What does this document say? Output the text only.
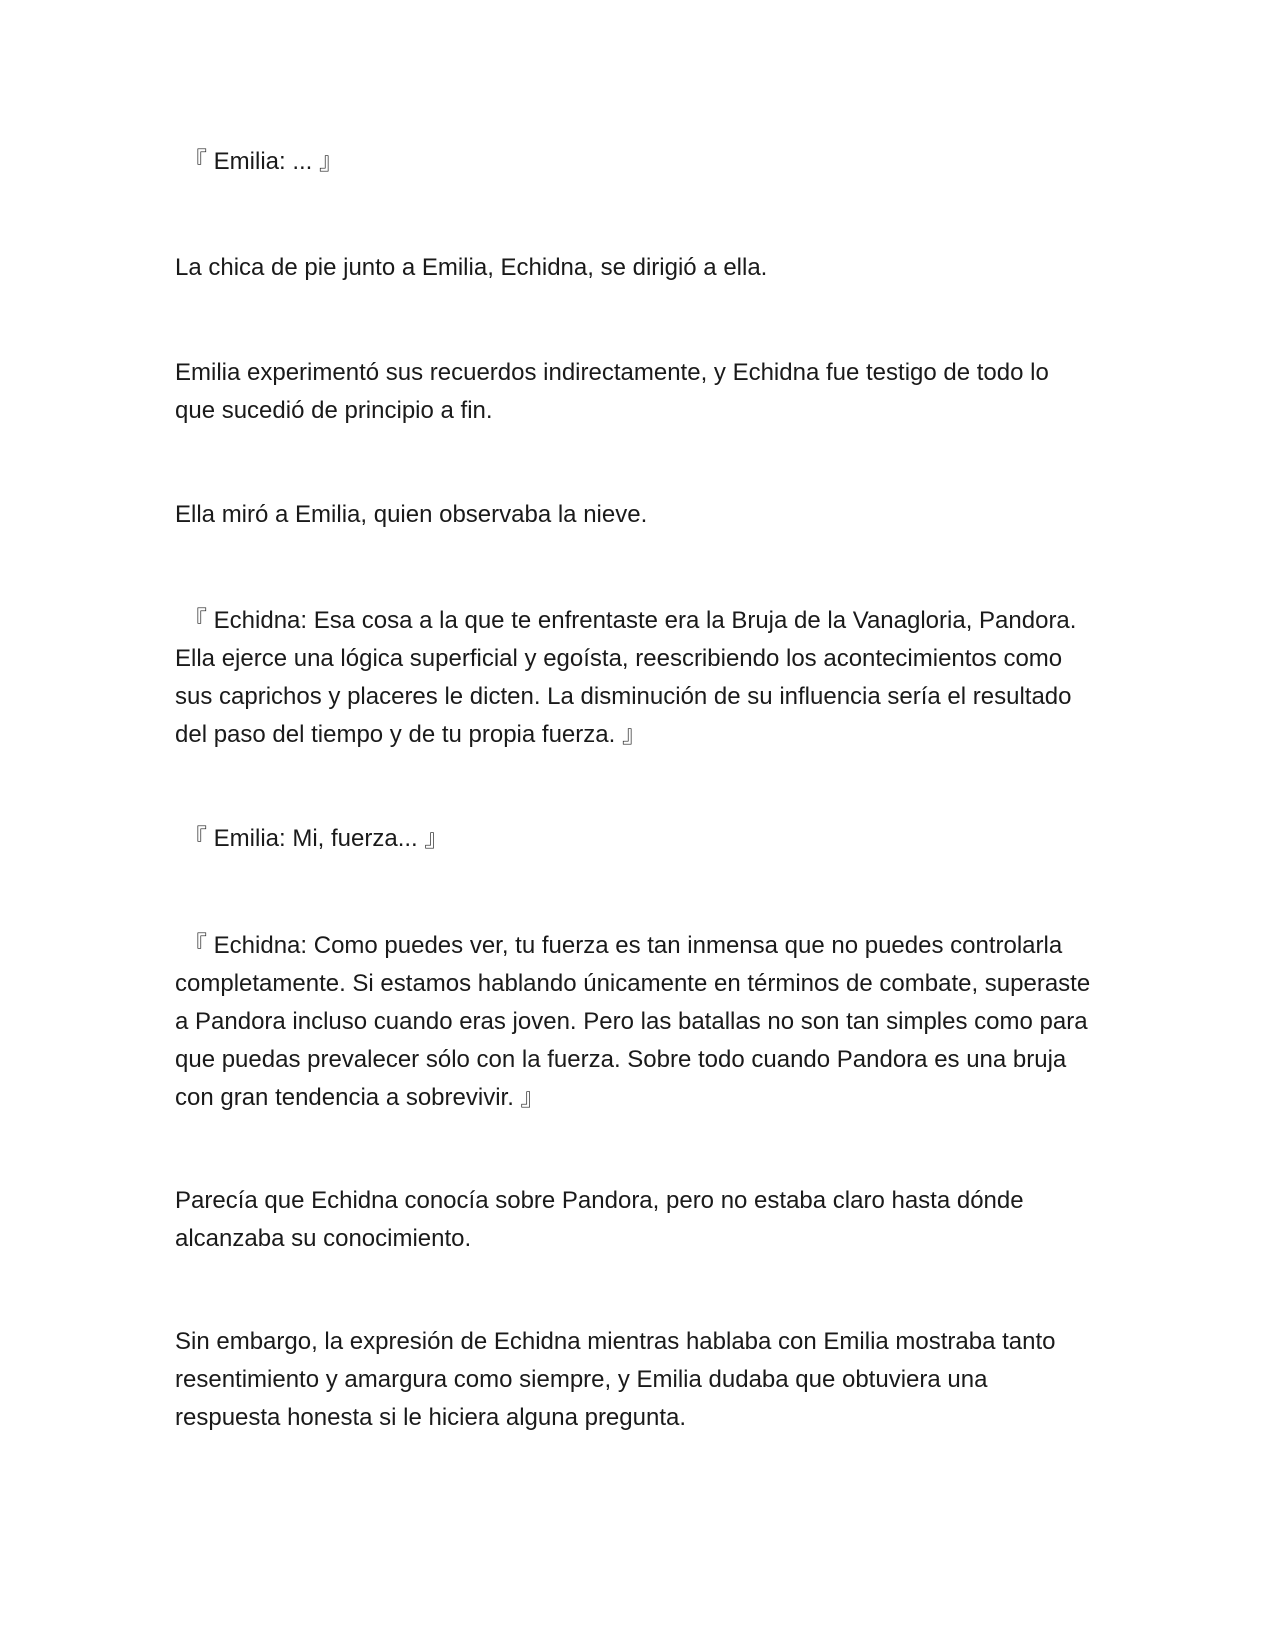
『 Emilia: ... 』

La chica de pie junto a Emilia, Echidna, se dirigió a ella.

Emilia experimentó sus recuerdos indirectamente, y Echidna fue testigo de todo lo que sucedió de principio a fin.

Ella miró a Emilia, quien observaba la nieve.

『 Echidna: Esa cosa a la que te enfrentaste era la Bruja de la Vanagloria, Pandora. Ella ejerce una lógica superficial y egoísta, reescribiendo los acontecimientos como sus caprichos y placeres le dicten. La disminución de su influencia sería el resultado del paso del tiempo y de tu propia fuerza. 』

『 Emilia: Mi, fuerza... 』

『 Echidna: Como puedes ver, tu fuerza es tan inmensa que no puedes controlarla completamente. Si estamos hablando únicamente en términos de combate, superaste a Pandora incluso cuando eras joven. Pero las batallas no son tan simples como para que puedas prevalecer sólo con la fuerza. Sobre todo cuando Pandora es una bruja con gran tendencia a sobrevivir. 』

Parecía que Echidna conocía sobre Pandora, pero no estaba claro hasta dónde alcanzaba su conocimiento.

Sin embargo, la expresión de Echidna mientras hablaba con Emilia mostraba tanto resentimiento y amargura como siempre, y Emilia dudaba que obtuviera una respuesta honesta si le hiciera alguna pregunta.
